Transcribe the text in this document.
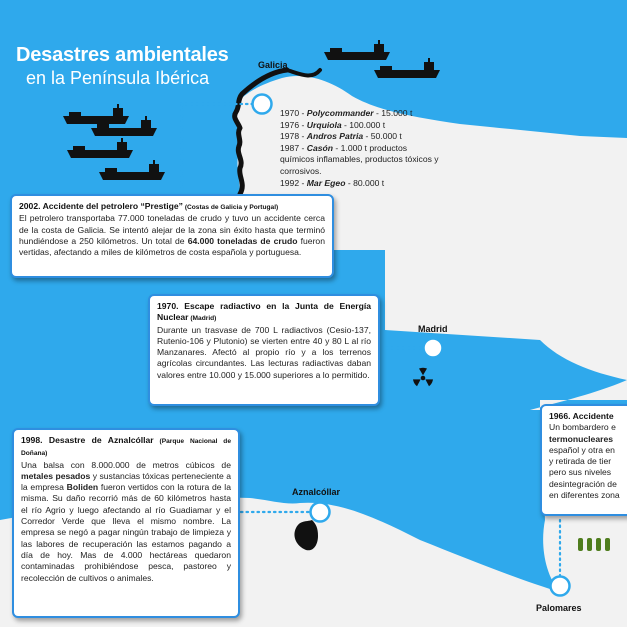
Desastres ambientales
en la Península Ibérica
Galicia
Madrid
Aznalcóllar
Palomares
1970 - Polycommander - 15.000 t
1976 - Urquiola - 100.000 t
1978 - Andros Patria - 50.000 t
1987 - Casón - 1.000 t productos químicos inflamables, productos tóxicos y corrosivos.
1992 - Mar Egeo - 80.000 t
2002. Accidente del petrolero “Prestige” (Costas de Galicia y Portugal)
El petrolero transportaba 77.000 toneladas de crudo y tuvo un accidente cerca de la costa de Galicia. Se intentó alejar de la zona sin éxito hasta que terminó hundiéndose a 250 kilómetros. Un total de 64.000 toneladas de crudo fueron vertidas, afectando a miles de kilómetros de costa española y portuguesa.
1970. Escape radiactivo en la Junta de Energía Nuclear (Madrid)
Durante un trasvase de 700 L radiactivos (Cesio-137, Rutenio-106 y Plutonio) se vierten entre 40 y 80 L al río Manzanares. Afectó al propio río y a los terrenos agrícolas circundantes. Las lecturas radiactivas daban valores entre 10.000 y 15.000 superiores a lo permitido.
1998. Desastre de Aznalcóllar (Parque Nacional de Doñana)
Una balsa con 8.000.000 de metros cúbicos de metales pesados y sustancias tóxicas perteneciente a la empresa Boliden fueron vertidos con la rotura de la misma. Su daño recorrió más de 60 kilómetros hasta el río Agrio y luego afectando al río Guadiamar y el Corredor Verde que lleva el mismo nombre. La empresa se negó a pagar ningún trabajo de limpieza y las labores de recuperación las estamos pagando a día de hoy. Mas de 4.000 hectáreas quedaron contaminadas prohibiéndose pesca, pastoreo y recolección de cultivos o animales.
1966. Accidente
Un bombardero e
termonucleares
español y otra en
y retirada de tier
pero sus niveles
desintegración de
en diferentes zona
